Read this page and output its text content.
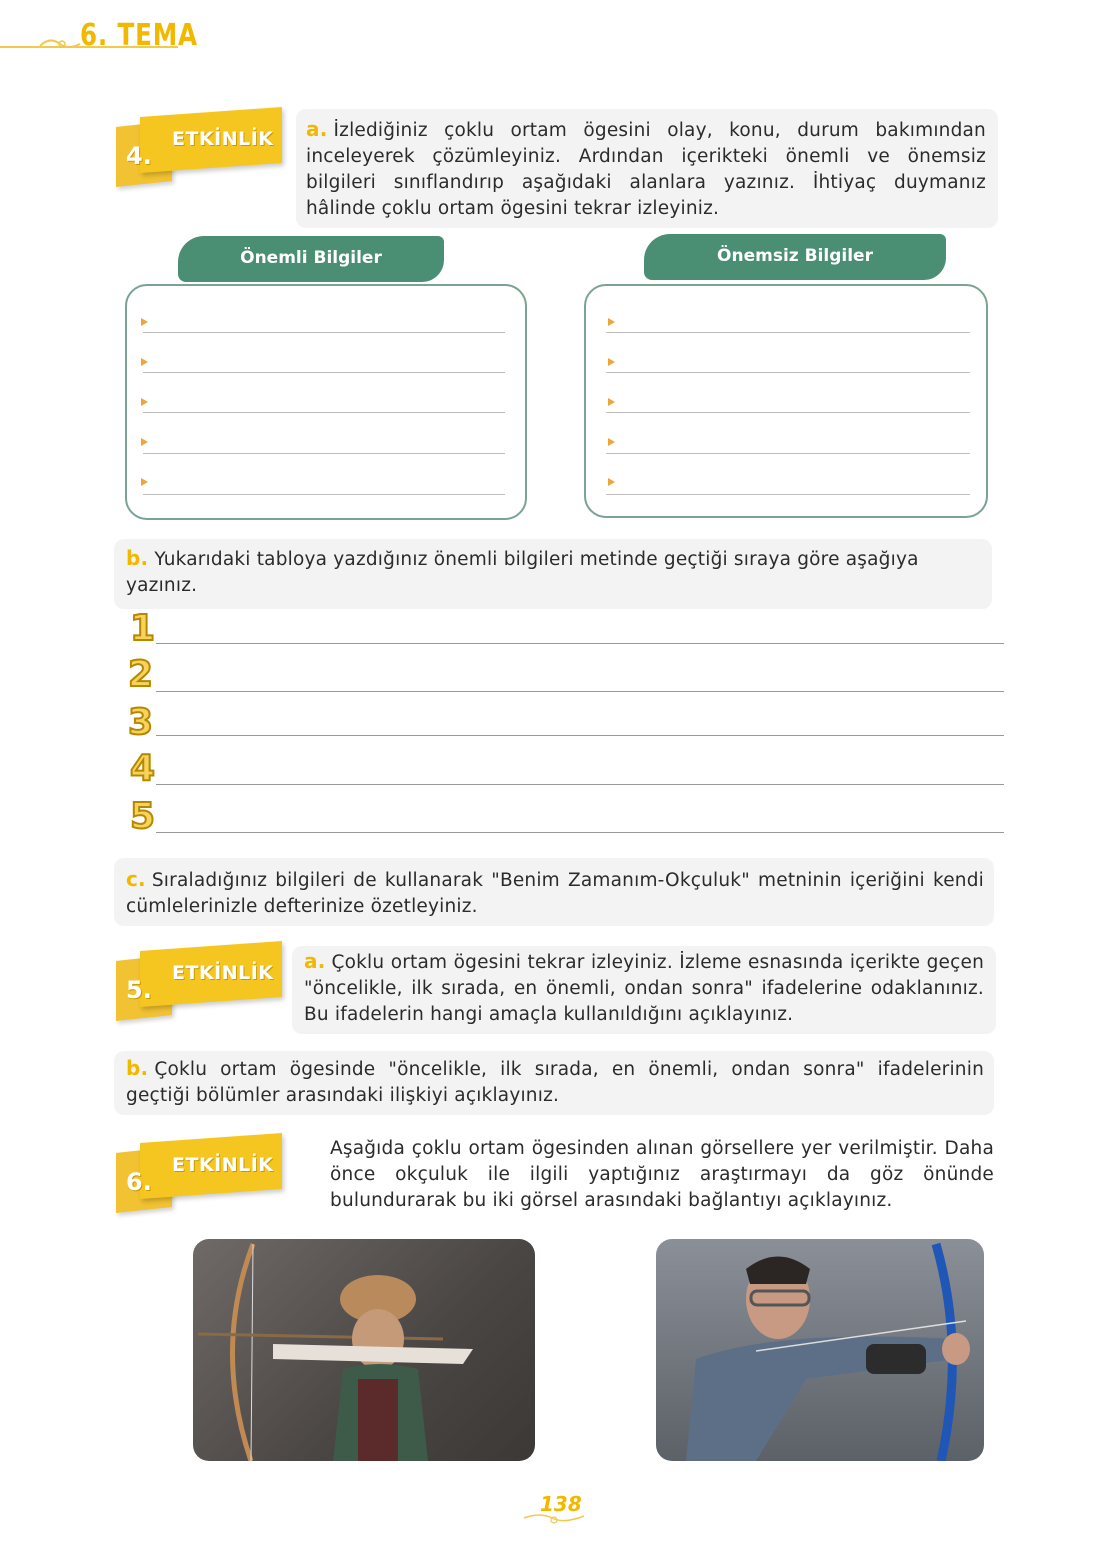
6. TEMA
4.
ETKİNLİK	a. İzlediğiniz çoklu ortam ögesini olay, konu, durum bakımından inceleyerek çözümleyiniz. Ardından içerikteki önemli ve önemsiz bilgileri sınıflandırıp aşağıdaki alanlara yazınız. İhtiyaç duymanız hâlinde çoklu ortam ögesini tekrar izleyiniz.
Önemli Bilgiler	Önemsiz Bilgiler
b. Yukarıdaki tabloya yazdığınız önemli bilgileri metinde geçtiği sıraya göre aşağıya yazınız.
1
2
3
4
5
c. Sıraladığınız bilgileri de kullanarak "Benim Zamanım-Okçuluk" metninin içeriğini kendi cümlelerinizle defterinize özetleyiniz.
5.
ETKİNLİK	a. Çoklu ortam ögesini tekrar izleyiniz. İzleme esnasında içerikte geçen "öncelikle, ilk sırada, en önemli, ondan sonra" ifadelerine odaklanınız. Bu ifadelerin hangi amaçla kullanıldığını açıklayınız.
b. Çoklu ortam ögesinde "öncelikle, ilk sırada, en önemli, ondan sonra" ifadelerinin geçtiği bölümler arasındaki ilişkiyi açıklayınız.
6.
ETKİNLİK
Aşağıda çoklu ortam ögesinden alınan görsellere yer verilmiştir. Daha önce okçuluk ile ilgili yaptığınız araştırmayı da göz önünde bulundurarak bu iki görsel arasındaki bağlantıyı açıklayınız.
138
